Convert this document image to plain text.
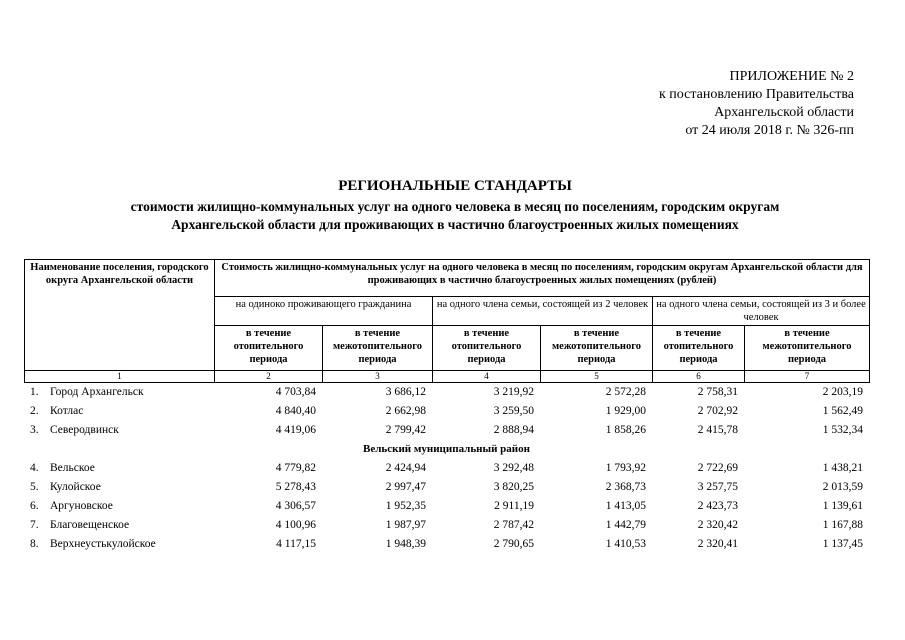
ПРИЛОЖЕНИЕ № 2
к постановлению Правительства
Архангельской области
от 24 июля 2018 г. № 326-пп
РЕГИОНАЛЬНЫЕ СТАНДАРТЫ
стоимости жилищно-коммунальных услуг на одного человека в месяц по поселениям, городским округам
Архангельской области для проживающих в частично благоустроенных жилых помещениях
Наименование поселения, городского округа Архангельской области	Стоимость жилищно-коммунальных услуг на одного человека в месяц по поселениям, городским округам Архангельской области для проживающих в частично благоустроенных жилых помещениях (рублей)					
	на одиноко проживающего гражданина		на одного члена семьи, состоящей из 2 человек		на одного члена семьи, состоящей из 3 и более человек	
	в течение отопительного периода	в течение межотопительного периода	в течение отопительного периода	в течение межотопительного периода	в течение отопительного периода	в течение межотопительного периода
1	2	3	4	5	6	7
1.	Город Архангельск	4 703,84	3 686,12	3 219,92	2 572,28	2 758,31	2 203,19
2.	Котлас	4 840,40	2 662,98	3 259,50	1 929,00	2 702,92	1 562,49
3.	Северодвинск	4 419,06	2 799,42	2 888,94	1 858,26	2 415,78	1 532,34
Вельский муниципальный район							
4.	Вельское	4 779,82	2 424,94	3 292,48	1 793,92	2 722,69	1 438,21
5.	Кулойское	5 278,43	2 997,47	3 820,25	2 368,73	3 257,75	2 013,59
6.	Аргуновское	4 306,57	1 952,35	2 911,19	1 413,05	2 423,73	1 139,61
7.	Благовещенское	4 100,96	1 987,97	2 787,42	1 442,79	2 320,42	1 167,88
8.	Верхнеустькулойское	4 117,15	1 948,39	2 790,65	1 410,53	2 320,41	1 137,45
